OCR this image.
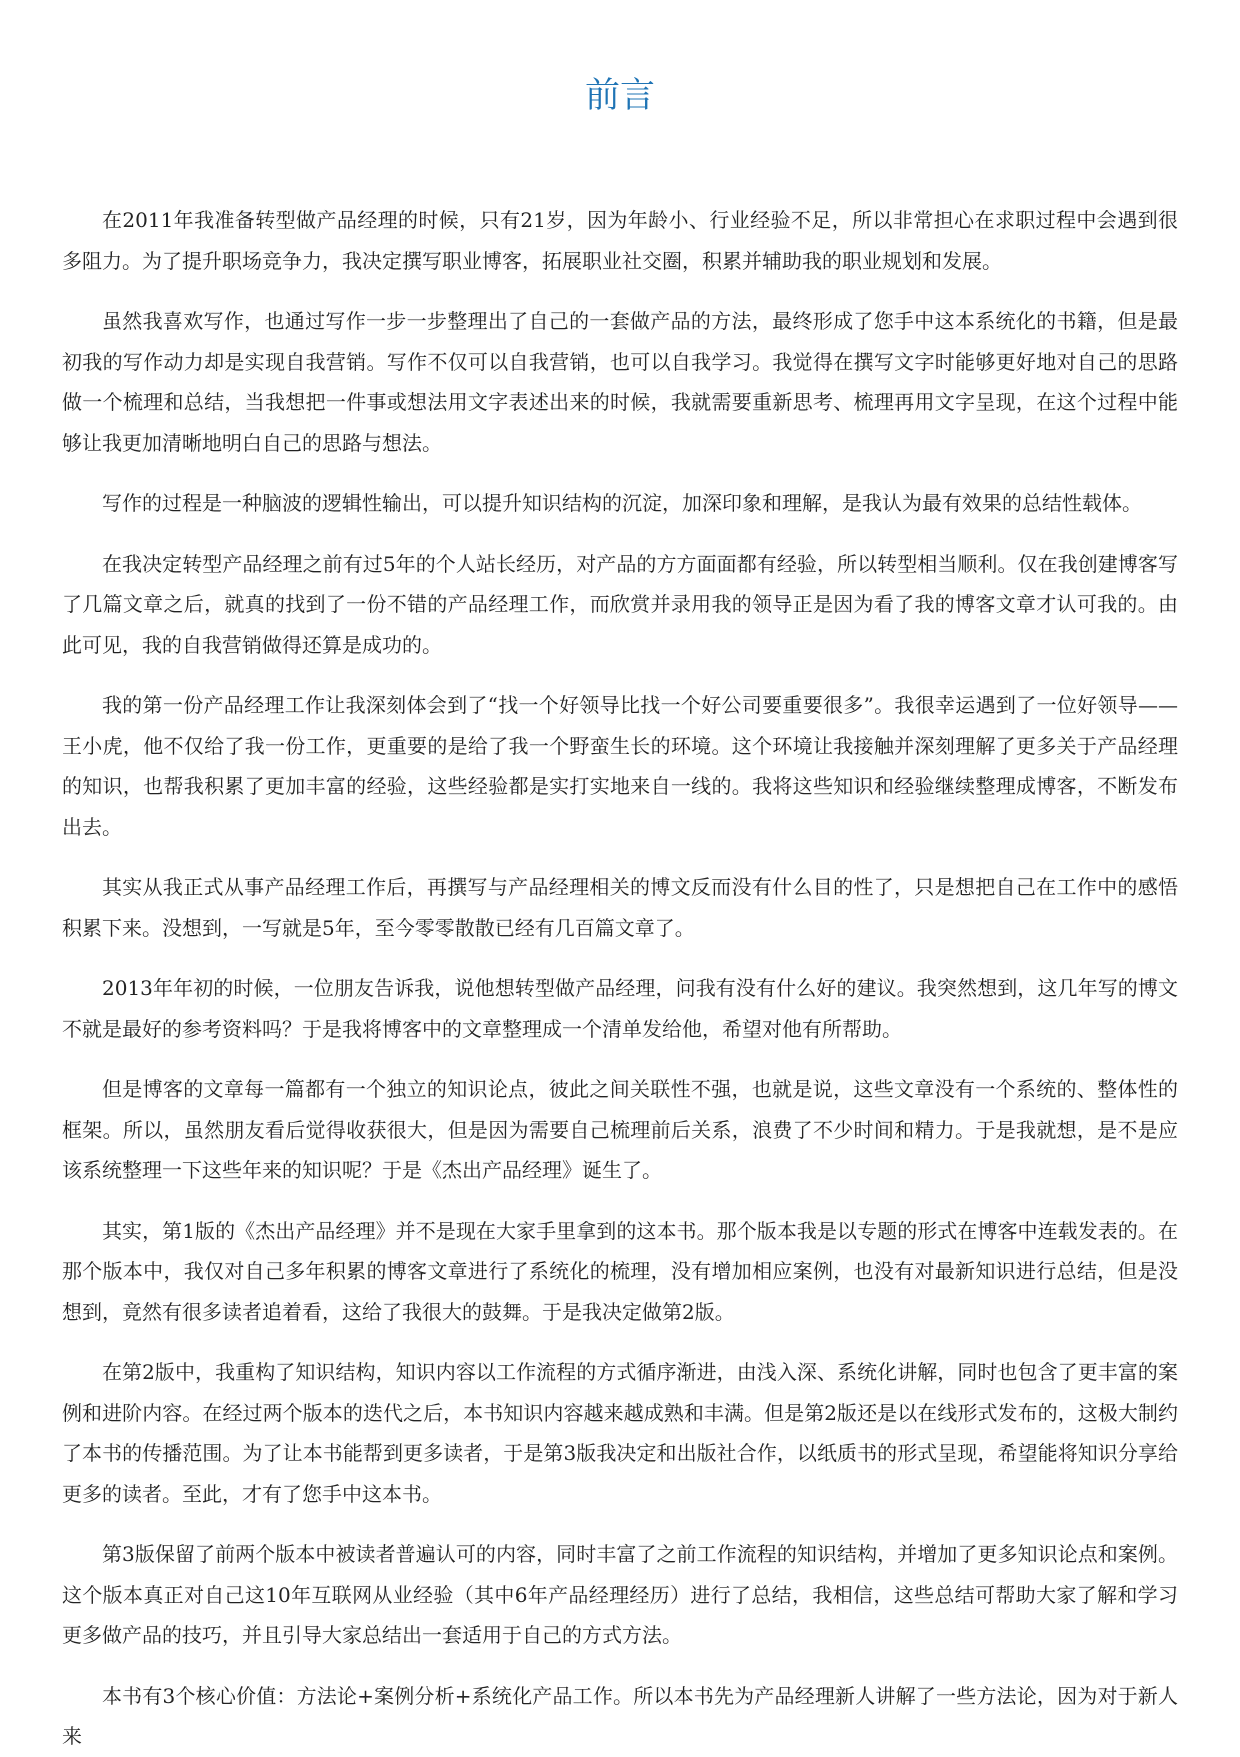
前言

在2011年我准备转型做产品经理的时候，只有21岁，因为年龄小、行业经验不足，所以非常担心在求职过程中会遇到很多阻力。为了提升职场竞争力，我决定撰写职业博客，拓展职业社交圈，积累并辅助我的职业规划和发展。

虽然我喜欢写作，也通过写作一步一步整理出了自己的一套做产品的方法，最终形成了您手中这本系统化的书籍，但是最初我的写作动力却是实现自我营销。写作不仅可以自我营销，也可以自我学习。我觉得在撰写文字时能够更好地对自己的思路做一个梳理和总结，当我想把一件事或想法用文字表述出来的时候，我就需要重新思考、梳理再用文字呈现，在这个过程中能够让我更加清晰地明白自己的思路与想法。

写作的过程是一种脑波的逻辑性输出，可以提升知识结构的沉淀，加深印象和理解，是我认为最有效果的总结性载体。

在我决定转型产品经理之前有过5年的个人站长经历，对产品的方方面面都有经验，所以转型相当顺利。仅在我创建博客写了几篇文章之后，就真的找到了一份不错的产品经理工作，而欣赏并录用我的领导正是因为看了我的博客文章才认可我的。由此可见，我的自我营销做得还算是成功的。

我的第一份产品经理工作让我深刻体会到了“找一个好领导比找一个好公司要重要很多”。我很幸运遇到了一位好领导——王小虎，他不仅给了我一份工作，更重要的是给了我一个野蛮生长的环境。这个环境让我接触并深刻理解了更多关于产品经理的知识，也帮我积累了更加丰富的经验，这些经验都是实打实地来自一线的。我将这些知识和经验继续整理成博客，不断发布出去。

其实从我正式从事产品经理工作后，再撰写与产品经理相关的博文反而没有什么目的性了，只是想把自己在工作中的感悟积累下来。没想到，一写就是5年，至今零零散散已经有几百篇文章了。

2013年年初的时候，一位朋友告诉我，说他想转型做产品经理，问我有没有什么好的建议。我突然想到，这几年写的博文不就是最好的参考资料吗？于是我将博客中的文章整理成一个清单发给他，希望对他有所帮助。

但是博客的文章每一篇都有一个独立的知识论点，彼此之间关联性不强，也就是说，这些文章没有一个系统的、整体性的框架。所以，虽然朋友看后觉得收获很大，但是因为需要自己梳理前后关系，浪费了不少时间和精力。于是我就想，是不是应该系统整理一下这些年来的知识呢？于是《杰出产品经理》诞生了。

其实，第1版的《杰出产品经理》并不是现在大家手里拿到的这本书。那个版本我是以专题的形式在博客中连载发表的。在那个版本中，我仅对自己多年积累的博客文章进行了系统化的梳理，没有增加相应案例，也没有对最新知识进行总结，但是没想到，竟然有很多读者追着看，这给了我很大的鼓舞。于是我决定做第2版。

在第2版中，我重构了知识结构，知识内容以工作流程的方式循序渐进，由浅入深、系统化讲解，同时也包含了更丰富的案例和进阶内容。在经过两个版本的迭代之后，本书知识内容越来越成熟和丰满。但是第2版还是以在线形式发布的，这极大制约了本书的传播范围。为了让本书能帮到更多读者，于是第3版我决定和出版社合作，以纸质书的形式呈现，希望能将知识分享给更多的读者。至此，才有了您手中这本书。

第3版保留了前两个版本中被读者普遍认可的内容，同时丰富了之前工作流程的知识结构，并增加了更多知识论点和案例。这个版本真正对自己这10年互联网从业经验（其中6年产品经理经历）进行了总结，我相信，这些总结可帮助大家了解和学习更多做产品的技巧，并且引导大家总结出一套适用于自己的方式方法。

本书有3个核心价值：方法论+案例分析+系统化产品工作。所以本书先为产品经理新人讲解了一些方法论，因为对于新人来
